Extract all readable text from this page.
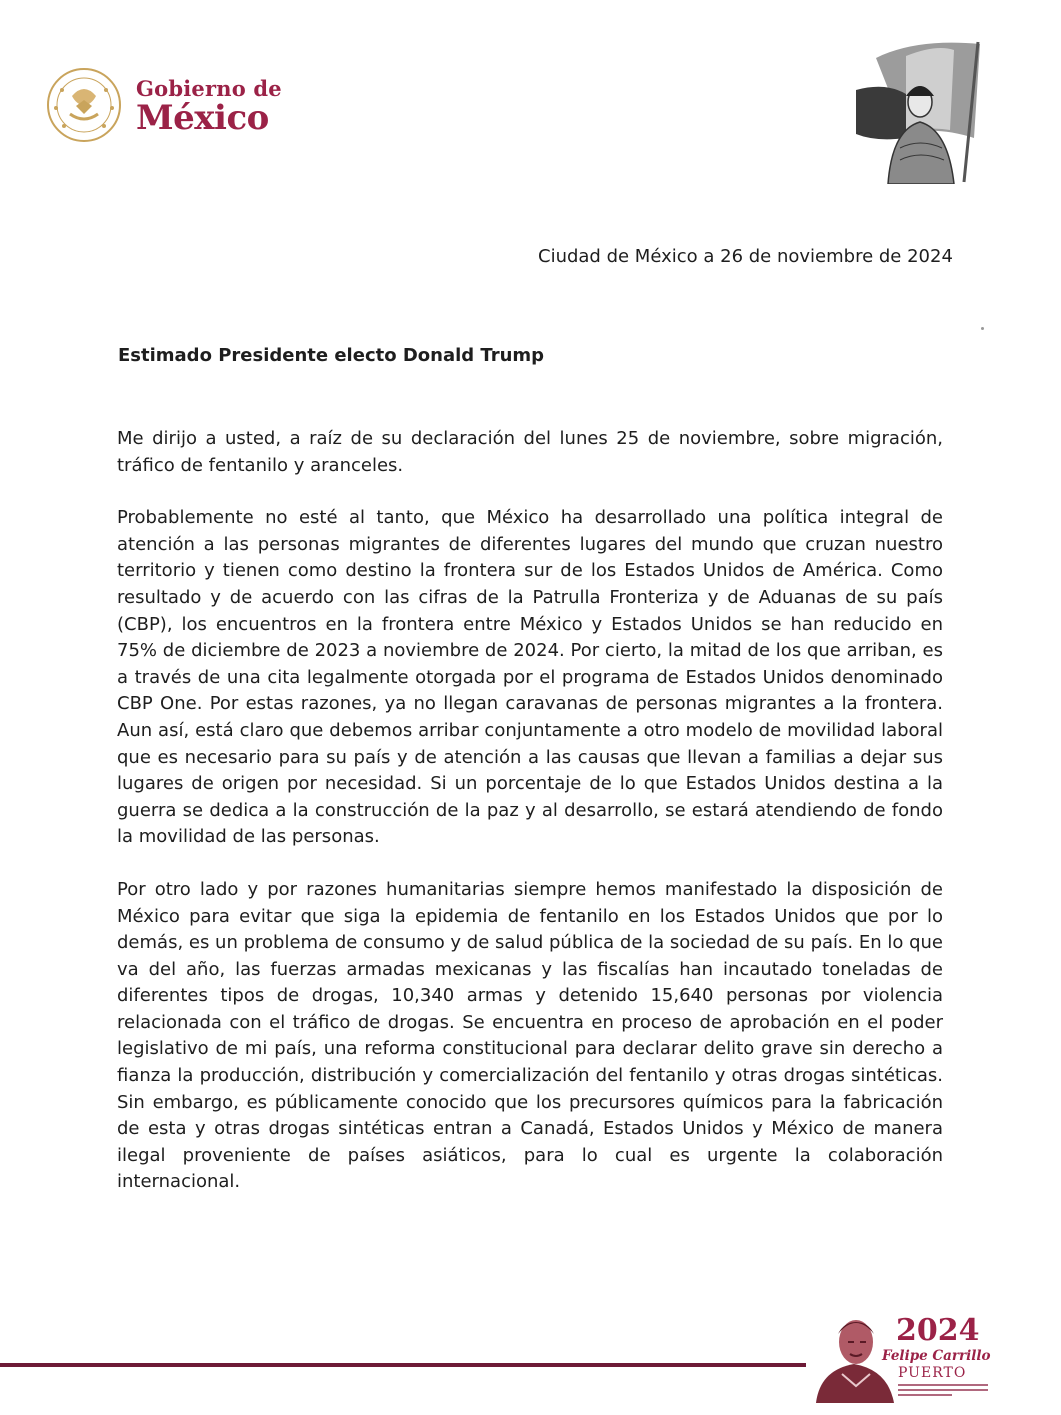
Gobierno de
México
Ciudad de México a 26 de noviembre de 2024
Estimado Presidente electo Donald Trump

Me dirijo a usted, a raíz de su declaración del lunes 25 de noviembre, sobre migración, tráfico de fentanilo y aranceles.

Probablemente no esté al tanto, que México ha desarrollado una política integral de atención a las personas migrantes de diferentes lugares del mundo que cruzan nuestro territorio y tienen como destino la frontera sur de los Estados Unidos de América. Como resultado y de acuerdo con las cifras de la Patrulla Fronteriza y de Aduanas de su país (CBP), los encuentros en la frontera entre México y Estados Unidos se han reducido en 75% de diciembre de 2023 a noviembre de 2024. Por cierto, la mitad de los que arriban, es a través de una cita legalmente otorgada por el programa de Estados Unidos denominado CBP One. Por estas razones, ya no llegan caravanas de personas migrantes a la frontera. Aun así, está claro que debemos arribar conjuntamente a otro modelo de movilidad laboral que es necesario para su país y de atención a las causas que llevan a familias a dejar sus lugares de origen por necesidad. Si un porcentaje de lo que Estados Unidos destina a la guerra se dedica a la construcción de la paz y al desarrollo, se estará atendiendo de fondo la movilidad de las personas.

Por otro lado y por razones humanitarias siempre hemos manifestado la disposición de México para evitar que siga la epidemia de fentanilo en los Estados Unidos que por lo demás, es un problema de consumo y de salud pública de la sociedad de su país. En lo que va del año, las fuerzas armadas mexicanas y las fiscalías han incautado toneladas de diferentes tipos de drogas, 10,340 armas y detenido 15,640 personas por violencia relacionada con el tráfico de drogas. Se encuentra en proceso de aprobación en el poder legislativo de mi país, una reforma constitucional para declarar delito grave sin derecho a fianza la producción, distribución y comercialización del fentanilo y otras drogas sintéticas. Sin embargo, es públicamente conocido que los precursores químicos para la fabricación de esta y otras drogas sintéticas entran a Canadá, Estados Unidos y México de manera ilegal proveniente de países asiáticos, para lo cual es urgente la colaboración internacional.

2024
Felipe Carrillo
PUERTO
